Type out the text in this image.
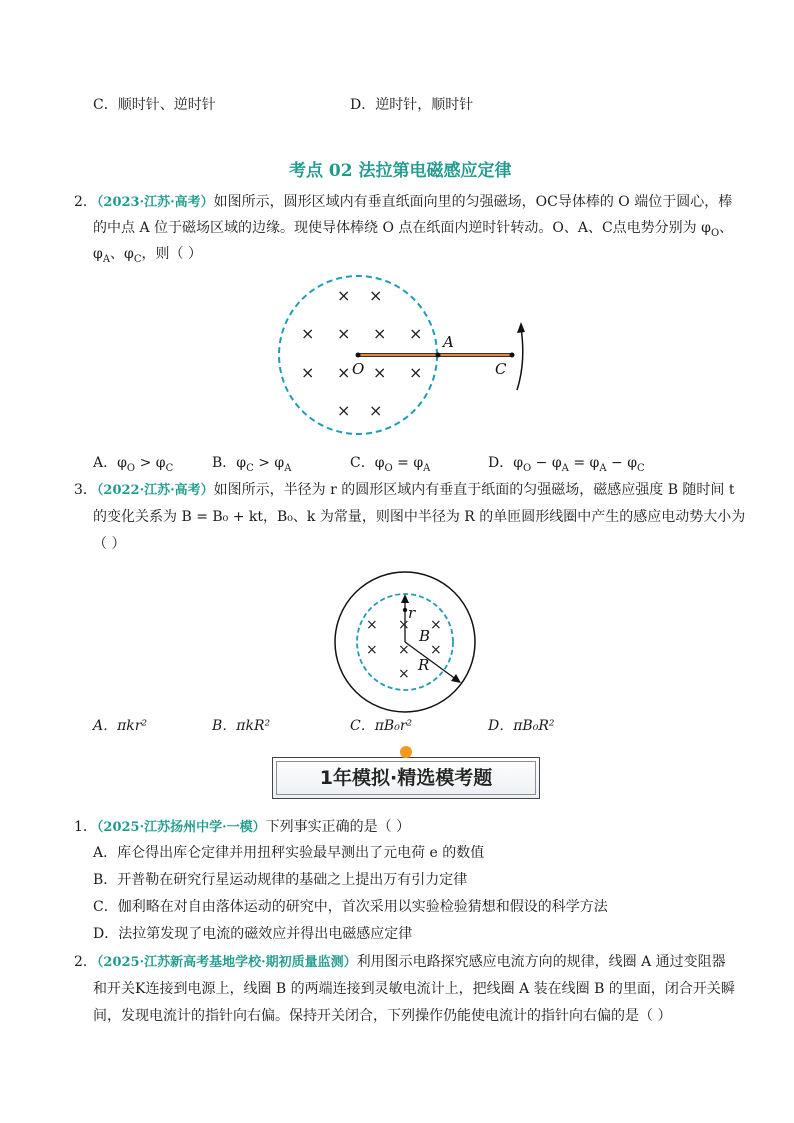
C．顺时针、逆时针	D．逆时针，顺时针
考点 02 法拉第电磁感应定律
2．（2023·江苏·高考）如图所示，圆形区域内有垂直纸面向里的匀强磁场，OC导体棒的 O 端位于圆心，棒
的中点 A 位于磁场区域的边缘。现使导体棒绕 O 点在纸面内逆时针转动。O、A、C点电势分别为 $\varphi_O$、
$\varphi_A$、$\varphi_C$，则（ ）
× ×
× × × ×
× × × ×
× ×
O
A
C
A．$\varphi_O > \varphi_C$	B．$\varphi_C > \varphi_A$	C．$\varphi_O = \varphi_A$	D．$\varphi_O - \varphi_A = \varphi_A - \varphi_C$
3．（2022·江苏·高考）如图所示，半径为 r 的圆形区域内有垂直于纸面的匀强磁场，磁感应强度 B 随时间 t
的变化关系为 B = B₀ + kt，B₀、k 为常量，则图中半径为 R 的单匝圆形线圈中产生的感应电动势大小为
（ ）
× × ×
× × ×
×
r
B
R
A．πkr²	B．πkR²	C．πB₀r²	D．πB₀R²
1年模拟·精选模考题
1．（2025·江苏扬州中学·一模）下列事实正确的是（ ）
A．库仑得出库仑定律并用扭秤实验最早测出了元电荷 e 的数值
B．开普勒在研究行星运动规律的基础之上提出万有引力定律
C．伽利略在对自由落体运动的研究中，首次采用以实验检验猜想和假设的科学方法
D．法拉第发现了电流的磁效应并得出电磁感应定律
2．（2025·江苏新高考基地学校·期初质量监测）利用图示电路探究感应电流方向的规律，线圈 A 通过变阻器
和开关K连接到电源上，线圈 B 的两端连接到灵敏电流计上，把线圈 A 装在线圈 B 的里面，闭合开关瞬
间，发现电流计的指针向右偏。保持开关闭合，下列操作仍能使电流计的指针向右偏的是（ ）
